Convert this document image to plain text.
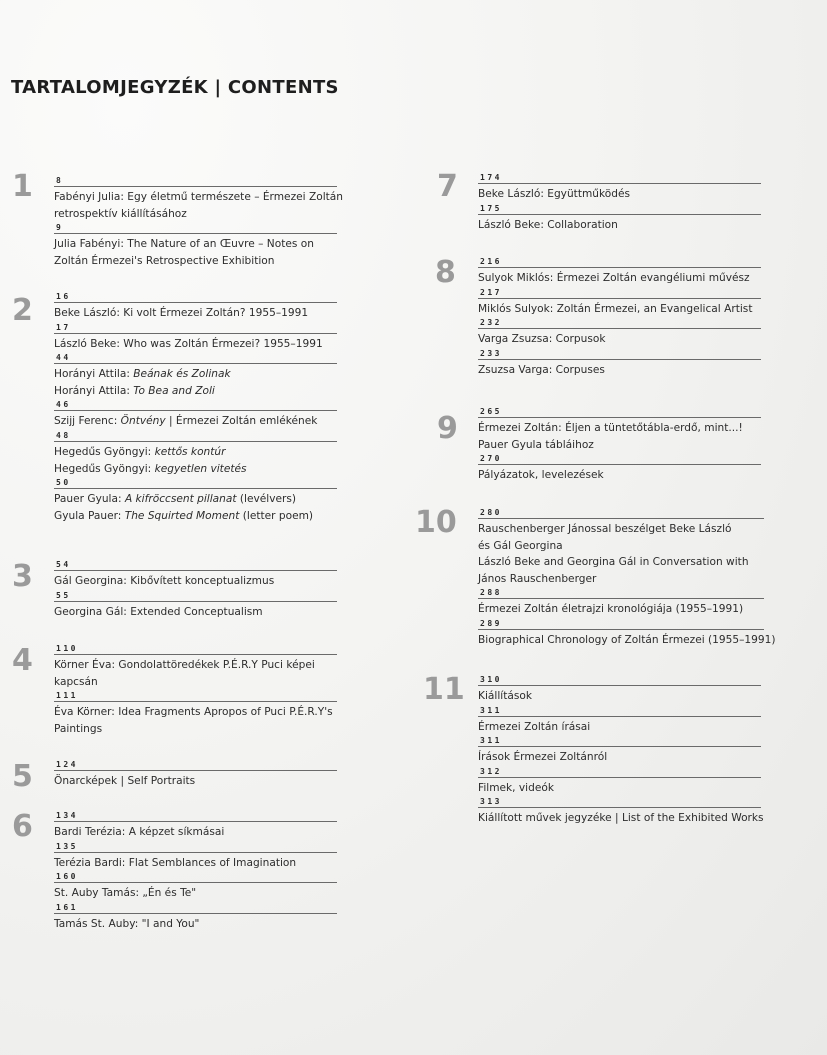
TARTALOMJEGYZÉK | CONTENTS
1	8
Fabényi Julia: Egy életmű természete – Érmezei Zoltán
retrospektív kiállításához
9
Julia Fabényi: The Nature of an Œuvre – Notes on
Zoltán Érmezei's Retrospective Exhibition
2	16
Beke László: Ki volt Érmezei Zoltán? 1955–1991
17
László Beke: Who was Zoltán Érmezei? 1955–1991
44
Horányi Attila: Beának és Zolinak
Horányi Attila: To Bea and Zoli
46
Szijj Ferenc: Öntvény | Érmezei Zoltán emlékének
48
Hegedűs Gyöngyi: kettős kontúr
Hegedűs Gyöngyi: kegyetlen vitetés
50
Pauer Gyula: A kifröccsent pillanat (levélvers)
Gyula Pauer: The Squirted Moment (letter poem)
3	54
Gál Georgina: Kibővített konceptualizmus
55
Georgina Gál: Extended Conceptualism
4	110
Körner Éva: Gondolattöredékek P.É.R.Y Puci képei
kapcsán
111
Éva Körner: Idea Fragments Apropos of Puci P.É.R.Y's
Paintings
5	124
Önarcképek | Self Portraits
6	134
Bardi Terézia: A képzet síkmásai
135
Terézia Bardi: Flat Semblances of Imagination
160
St. Auby Tamás: „Én és Te"
161
Tamás St. Auby: "I and You"
7	174
Beke László: Együttműködés
175
László Beke: Collaboration
8	216
Sulyok Miklós: Érmezei Zoltán evangéliumi művész
217
Miklós Sulyok: Zoltán Érmezei, an Evangelical Artist
232
Varga Zsuzsa: Corpusok
233
Zsuzsa Varga: Corpuses
9	265
Érmezei Zoltán: Éljen a tüntetőtábla-erdő, mint...!
Pauer Gyula tábláihoz
270
Pályázatok, levelezések
10	280
Rauschenberger Jánossal beszélget Beke László
és Gál Georgina
László Beke and Georgina Gál in Conversation with
János Rauschenberger
288
Érmezei Zoltán életrajzi kronológiája (1955–1991)
289
Biographical Chronology of Zoltán Érmezei (1955–1991)
11 310
Kiállítások
311
Érmezei Zoltán írásai
311
Írások Érmezei Zoltánról
312
Filmek, videók
313
Kiállított művek jegyzéke | List of the Exhibited Works
